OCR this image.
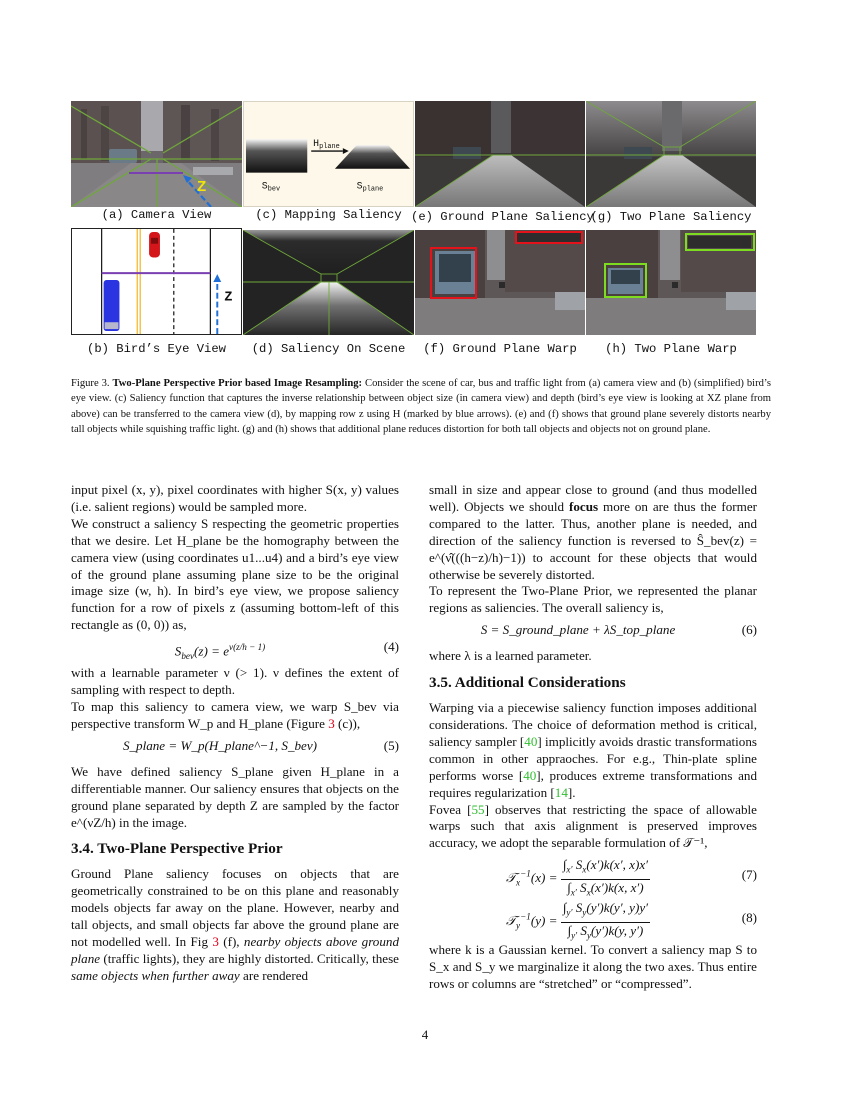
Z
(a) Camera View
$H_{plane}$
$S_{bev}$	$S_{plane}$
(c) Mapping Saliency (e) Ground Plane Saliency
(g) Two Plane Saliency
Z
(b) Bird’s Eye View	(d) Saliency On Scene	(f) Ground Plane Warp	(h) Two Plane Warp
Figure 3. Two-Plane Perspective Prior based Image Resampling: Consider the scene of car, bus and traffic light from (a) camera view and (b) (simplified) bird’s eye view. (c) Saliency function that captures the inverse relationship between object size (in camera view) and depth (bird’s eye view is looking at XZ plane from above) can be transferred to the camera view (d), by mapping row z using H (marked by blue arrows). (e) and (f) shows that ground plane severely distorts nearby tall objects while squishing traffic light. (g) and (h) shows that additional plane reduces distortion for both tall objects and objects not on ground plane.
input pixel (x, y), pixel coordinates with higher S(x, y) values (i.e. salient regions) would be sampled more.
We construct a saliency S respecting the geometric properties that we desire. Let H_plane be the homography between the camera view (using coordinates u1...u4) and a bird’s eye view of the ground plane assuming plane size to be the original image size (w, h). In bird’s eye view, we propose saliency function for a row of pixels z (assuming bottom-left of this rectangle as (0, 0)) as,
$S_{bev}(z) = e^{\nu(z/h - 1)}$	(4)
with a learnable parameter ν (> 1). ν defines the extent of sampling with respect to depth.
To map this saliency to camera view, we warp S_bev via perspective transform W_p and H_plane (Figure 3 (c)),
S_plane = W_p(H_plane^−1, S_bev)	(5)
We have defined saliency S_plane given H_plane in a differentiable manner. Our saliency ensures that objects on the ground plane separated by depth Z are sampled by the factor e^(νZ/h) in the image.
3.4. Two-Plane Perspective Prior
Ground Plane saliency focuses on objects that are geometrically constrained to be on this plane and reasonably models objects far away on the plane. However, nearby and tall objects, and small objects far above the ground plane are not modelled well. In Fig 3 (f), nearby objects above ground plane (traffic lights), they are highly distorted. Critically, these same objects when further away are rendered
small in size and appear close to ground (and thus modelled well). Objects we should focus more on are thus the former compared to the latter. Thus, another plane is needed, and direction of the saliency function is reversed to Ŝ_bev(z) = e^(ν̂(((h−z)/h)−1)) to account for these objects that would otherwise be severely distorted.
To represent the Two-Plane Prior, we represented the planar regions as saliencies. The overall saliency is,
S = S_ground_plane + λS_top_plane	(6)
where λ is a learned parameter.
3.5. Additional Considerations
Warping via a piecewise saliency function imposes additional considerations. The choice of deformation method is critical, saliency sampler [40] implicitly avoids drastic transformations common in other appraoches. For e.g., Thin-plate spline performs worse [40], produces extreme transformations and requires regularization [14].
Fovea [55] observes that restricting the space of allowable warps such that axis alignment is preserved improves accuracy, we adopt the separable formulation of 𝒯⁻¹,
𝒯$_x^{-1}$(x) = $\frac{\int_{x'} S_x(x')k(x', x)x'}{\int_{x'} S_x(x')k(x, x')}$	(7)
𝒯$_y^{-1}$(y) = $\frac{\int_{y'} S_y(y')k(y', y)y'}{\int_{y'} S_y(y')k(y, y')}$	(8)
where k is a Gaussian kernel. To convert a saliency map S to S_x and S_y we marginalize it along the two axes. Thus entire rows or columns are “stretched” or “compressed”.
4
